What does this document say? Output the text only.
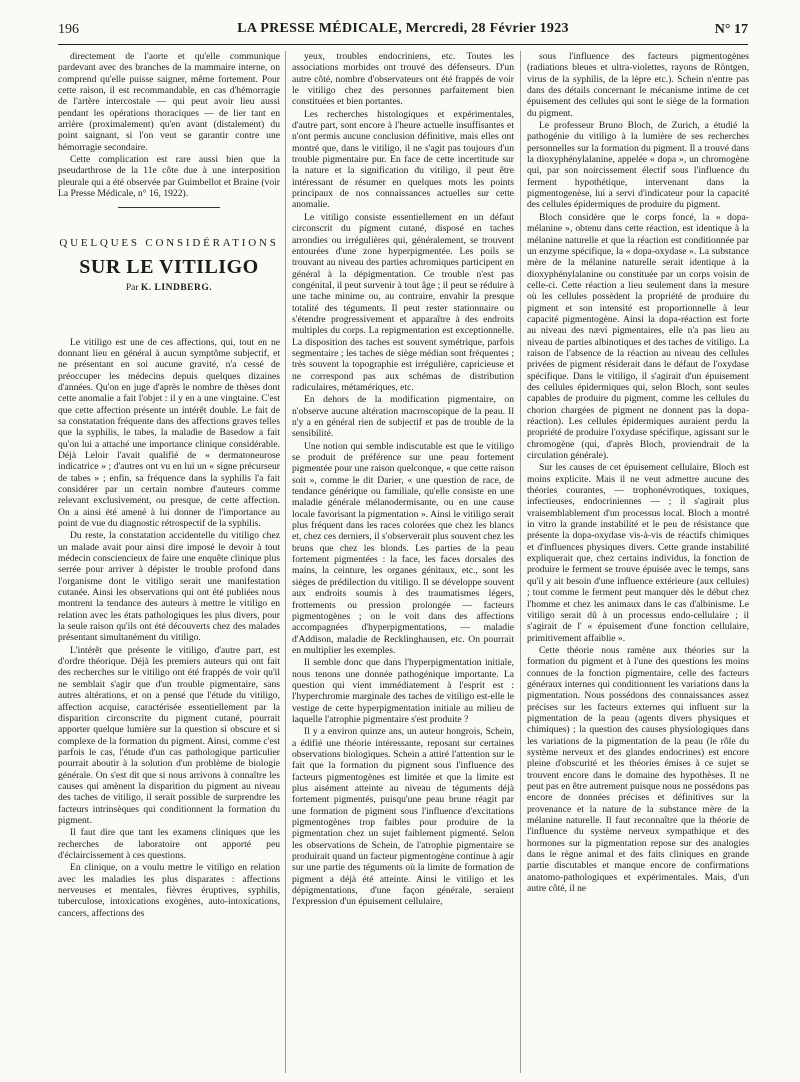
196	LA PRESSE MÉDICALE, Mercredi, 28 Février 1923	N° 17

directement de l'aorte et qu'elle communique pardevant avec des branches de la mammaire interne, on comprend qu'elle puisse saigner, même fortement. Pour cette raison, il est recommandable, en cas d'hémorragie de l'artère intercostale — qui peut avoir lieu aussi pendant les opérations thoraciques — de lier tant en arrière (proximalement) qu'en avant (distalement) du point saignant, si l'on veut se garantir contre une hémorragie secondaire.

Cette complication est rare aussi bien que la pseudarthrose de la 11e côte due à une interposition pleurale qui a été observée par Guimbellot et Braine (voir La Presse Médicale, n° 16, 1922).

QUELQUES CONSIDÉRATIONS
SUR LE VITILIGO
Par K. LINDBERG.

Le vitiligo est une de ces affections, qui, tout en ne donnant lieu en général à aucun symptôme subjectif, et ne présentant en soi aucune gravité, n'a cessé de préoccuper les médecins depuis quelques dizaines d'années. Qu'on en juge d'après le nombre de thèses dont cette anomalie a fait l'objet : il y en a une vingtaine. C'est que cette affection présente un intérêt double. Le fait de sa constatation fréquente dans des affections graves telles que la syphilis, le tabes, la maladie de Basedow a fait qu'on lui a attaché une importance clinique considérable. Déjà Leloir l'avait qualifié de « dermatoneurose indicatrice » ; d'autres ont vu en lui un « signe précurseur de tabes » ; enfin, sa fréquence dans la syphilis l'a fait considérer par un certain nombre d'auteurs comme relevant exclusivement, ou presque, de cette affection. On a ainsi été amené à lui donner de l'importance au point de vue du diagnostic rétrospectif de la syphilis.

Du reste, la constatation accidentelle du vitiligo chez un malade avait pour ainsi dire imposé le devoir à tout médecin consciencieux de faire une enquête clinique plus serrée pour arriver à dépister le trouble profond dans l'organisme dont le vitiligo serait une manifestation cutanée. Ainsi les observations qui ont été publiées nous montrent la tendance des auteurs à mettre le vitiligo en relation avec les états pathologiques les plus divers, pour la seule raison qu'ils ont été découverts chez des malades présentant simultanément du vitiligo.

L'intérêt que présente le vitiligo, d'autre part, est d'ordre théorique. Déjà les premiers auteurs qui ont fait des recherches sur le vitiligo ont été frappés de voir qu'il ne semblait s'agir que d'un trouble pigmentaire, sans autres altérations, et on a pensé que l'étude du vitiligo, affection acquise, caractérisée essentiellement par la disparition circonscrite du pigment cutané, pourrait apporter quelque lumière sur la question si obscure et si complexe de la formation du pigment. Ainsi, comme c'est parfois le cas, l'étude d'un cas pathologique particulier pourrait aboutir à la solution d'un problème de biologie générale. On s'est dit que si nous arrivons à connaître les causes qui amènent la disparition du pigment au niveau des taches de vitiligo, il serait possible de surprendre les facteurs intrinsèques qui conditionnent la formation du pigment.

Il faut dire que tant les examens cliniques que les recherches de laboratoire ont apporté peu d'éclaircissement à ces questions.

En clinique, on a voulu mettre le vitiligo en relation avec les maladies les plus disparates : affections nerveuses et mentales, fièvres éruptives, syphilis, tuberculose, intoxications exogènes, auto-intoxications, cancers, affections des

yeux, troubles endocriniens, etc. Toutes les associations morbides ont trouvé des défenseurs. D'un autre côté, nombre d'observateurs ont été frappés de voir le vitiligo chez des personnes parfaitement bien constituées et bien portantes.

Les recherches histologiques et expérimentales, d'autre part, sont encore à l'heure actuelle insuffisantes et n'ont permis aucune conclusion définitive, mais elles ont montré que, dans le vitiligo, il ne s'agit pas toujours d'un trouble pigmentaire pur. En face de cette incertitude sur la nature et la signification du vitiligo, il peut être intéressant de résumer en quelques mots les points principaux de nos connaissances actuelles sur cette anomalie.

Le vitiligo consiste essentiellement en un défaut circonscrit du pigment cutané, disposé en taches arrondies ou irrégulières qui, généralement, se trouvent entourées d'une zone hyperpigmentée. Les poils se trouvant au niveau des parties achromiques participent en général à la dépigmentation. Ce trouble n'est pas congénital, il peut survenir à tout âge ; il peut se réduire à une tache minime ou, au contraire, envahir la presque totalité des téguments. Il peut rester stationnaire ou s'étendre progressivement et apparaître à des endroits multiples du corps. La repigmentation est exceptionnelle. La disposition des taches est souvent symétrique, parfois segmentaire ; les taches de siège médian sont fréquentes ; très souvent la topographie est irrégulière, capricieuse et ne correspond pas aux schémas de distribution radiculaires, métamériques, etc.

En dehors de la modification pigmentaire, on n'observe aucune altération macroscopique de la peau. Il n'y a en général rien de subjectif et pas de trouble de la sensibilité.

Une notion qui semble indiscutable est que le vitiligo se produit de préférence sur une peau fortement pigmentée pour une raison quelconque, « que cette raison soit », comme le dit Darier, « une question de race, de tendance générique ou familiale, qu'elle consiste en une maladie générale mélanodermisante, ou en une cause locale favorisant la pigmentation ». Ainsi le vitiligo serait plus fréquent dans les races colorées que chez les blancs et, chez ces derniers, il s'observerait plus souvent chez les bruns que chez les blonds. Les parties de la peau fortement pigmentées : la face, les faces dorsales des mains, la ceinture, les organes génitaux, etc., sont les sièges de prédilection du vitiligo. Il se développe souvent aux endroits soumis à des traumatismes légers, frottements ou pression prolongée — facteurs pigmentogènes ; on le voit dans des affections accompagnées d'hyperpigmentations, — maladie d'Addison, maladie de Recklinghausen, etc. On pourrait en multiplier les exemples.

Il semble donc que dans l'hyperpigmentation initiale, nous tenons une donnée pathogénique importante. La question qui vient immédiatement à l'esprit est : l'hyperchromie marginale des taches de vitiligo est-elle le vestige de cette hyperpigmentation initiale au milieu de laquelle l'atrophie pigmentaire s'est produite ?

Il y a environ quinze ans, un auteur hongrois, Schein, a édifié une théorie intéressante, reposant sur certaines observations biologiques. Schein a attiré l'attention sur le fait que la formation du pigment sous l'influence des facteurs pigmentogènes est limitée et que la limite est plus aisément atteinte au niveau de téguments déjà fortement pigmentés, puisqu'une peau brune réagit par une formation de pigment sous l'influence d'excitations pigmentogènes trop faibles pour produire de la pigmentation chez un sujet faiblement pigmenté. Selon les observations de Schein, de l'atrophie pigmentaire se produirait quand un facteur pigmentogène continue à agir sur une partie des téguments où la limite de formation de pigment a déjà été atteinte. Ainsi le vitiligo et les dépigmentations, d'une façon générale, seraient l'expression d'un épuisement cellulaire,

sous l'influence des facteurs pigmentogènes (radiations bleues et ultra-violettes, rayons de Röntgen, virus de la syphilis, de la lèpre etc.). Schein n'entre pas dans des détails concernant le mécanisme intime de cet épuisement des cellules qui sont le siège de la formation du pigment.

Le professeur Bruno Bloch, de Zurich, a étudié la pathogénie du vitiligo à la lumière de ses recherches personnelles sur la formation du pigment. Il a trouvé dans la dioxyphénylalanine, appelée « dopa », un chromogène qui, par son noircissement électif sous l'influence du ferment hypothétique, intervenant dans la pigmentogenèse, lui a servi d'indicateur pour la capacité des cellules épidermiques de produire du pigment.

Bloch considère que le corps foncé, la « dopa-mélanine », obtenu dans cette réaction, est identique à la mélanine naturelle et que la réaction est conditionnée par un enzyme spécifique, la « dopa-oxydase ». La substance mère de la mélanine naturelle serait identique à la dioxyphénylalanine ou constituée par un corps voisin de celle-ci. Cette réaction a lieu seulement dans la mesure où les cellules possèdent la propriété de produire du pigment et son intensité est proportionnelle à leur capacité pigmentogène. Ainsi la dopa-réaction est forte au niveau des nævi pigmentaires, elle n'a pas lieu au niveau de parties albinotiques et des taches de vitiligo. La raison de l'absence de la réaction au niveau des cellules privées de pigment résiderait dans le défaut de l'oxydase spécifique. Dans le vitiligo, il s'agirait d'un épuisement des cellules épidermiques qui, selon Bloch, sont seules capables de produire du pigment, comme les cellules du chorion chargées de pigment ne donnent pas la dopa-réaction). Les cellules épidermiques auraient perdu la propriété de produire l'oxydase spécifique, agissant sur le chromogène (qui, d'après Bloch, proviendrait de la circulation générale).

Sur les causes de cet épuisement cellulaire, Bloch est moins explicite. Mais il ne veut admettre aucune des théories courantes, — trophonévrotiques, toxiques, infectieuses, endocriniennes — ; il s'agirait plus vraisemblablement d'un processus local. Bloch a montré in vitro la grande instabilité et le peu de résistance que présente la dopa-oxydase vis-à-vis de réactifs chimiques et d'influences physiques divers. Cette grande instabilité expliquerait que, chez certains individus, la fonction de produire le ferment se trouve épuisée avec le temps, sans qu'il y ait besoin d'une influence extérieure (aux cellules) ; tout comme le ferment peut manquer dès le début chez l'homme et chez les animaux dans le cas d'albinisme. Le vitiligo serait dû à un processus endo-cellulaire ; il s'agirait de l' « épuisement d'une fonction cellulaire, primitivement affaiblie ».

Cette théorie nous ramène aux théories sur la formation du pigment et à l'une des questions les moins connues de la fonction pigmentaire, celle des facteurs généraux internes qui conditionnent les variations dans la pigmentation. Nous possédons des connaissances assez précises sur les facteurs externes qui influent sur la pigmentation de la peau (agents divers physiques et chimiques) ; la question des causes physiologiques dans les variations de la pigmentation de la peau (le rôle du système nerveux et des glandes endocrines) est encore pleine d'obscurité et les théories émises à ce sujet se trouvent encore dans le domaine des hypothèses. Il ne peut pas en être autrement puisque nous ne possédons pas encore de données précises et définitives sur la provenance et la nature de la substance mère de la mélanine naturelle. Il faut reconnaître que la théorie de l'influence du système nerveux sympathique et des hormones sur la pigmentation repose sur des analogies dans le règne animal et des faits cliniques en grande partie discutables et manque encore de confirmations anatomo-pathologiques et expérimentales. Mais, d'un autre côté, il ne
